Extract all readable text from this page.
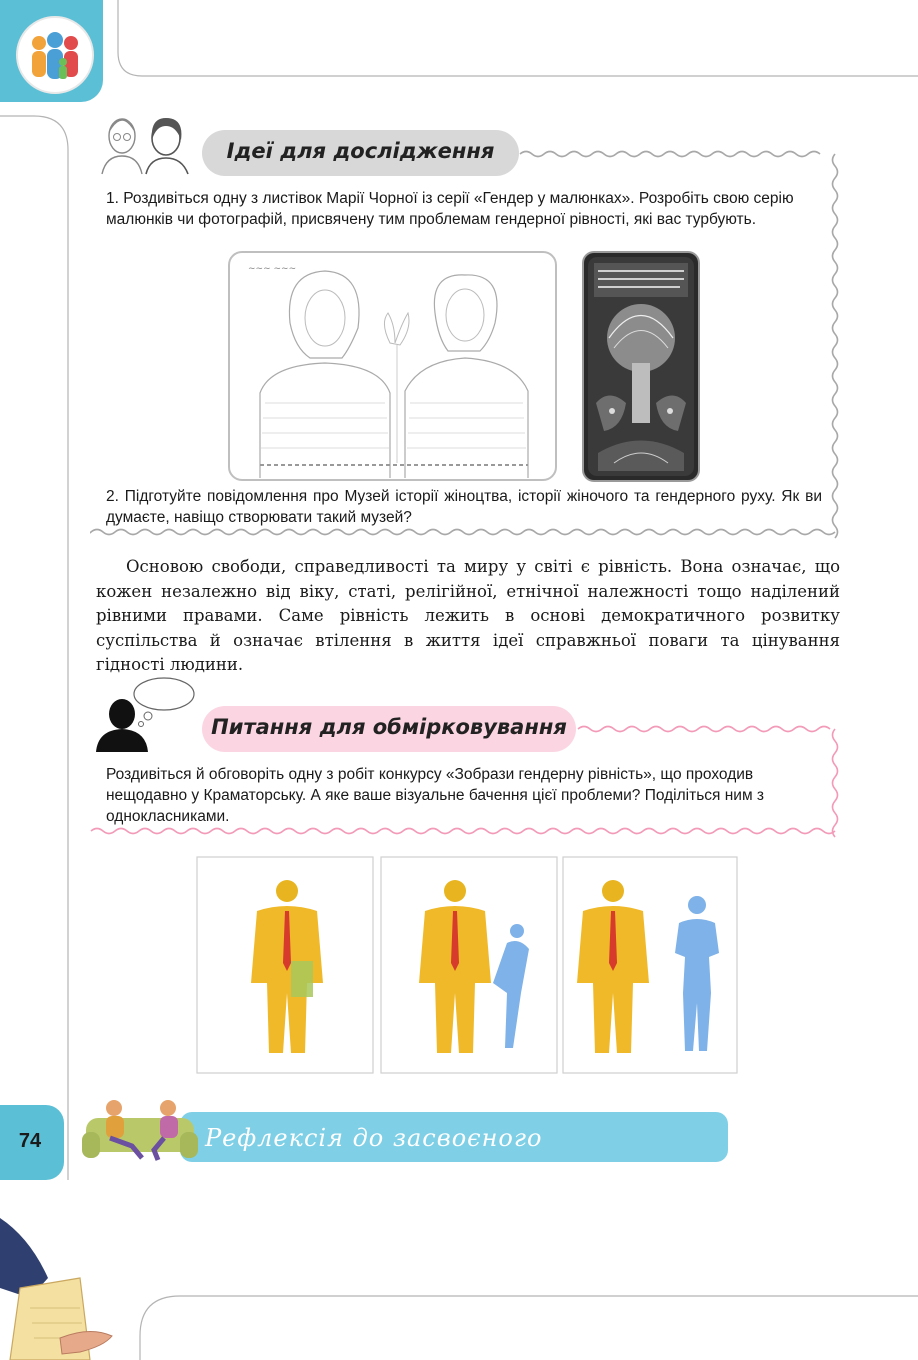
Ідеї для дослідження
1. Роздивіться одну з листівок Марії Чорної із серії «Гендер у малюнках». Розробіть свою серію малюнків чи фотографій, присвячену тим проблемам гендерної рівності, які вас турбують.
~~~ ~~~
2. Підготуйте повідомлення про Музей історії жіноцтва, історії жіночого та гендерного руху. Як ви думаєте, навіщо створювати такий музей?
Основою свободи, справедливості та миру у світі є рівність. Вона означає, що кожен незалежно від віку, статі, релігійної, етнічної належності тощо наділений рівними правами. Саме рівність лежить в основі демократичного розвитку суспільства й означає втілення в життя ідеї справжньої поваги та цінування гідності людини.
Питання для обмірковування
Роздивіться й обговоріть одну з робіт конкурсу «Зобрази гендерну рівність», що проходив нещодавно у Краматорську. А яке ваше візуальне бачення цієї проблеми? Поділіться ним з однокласниками.
Рефлексія до засвоєного
74
